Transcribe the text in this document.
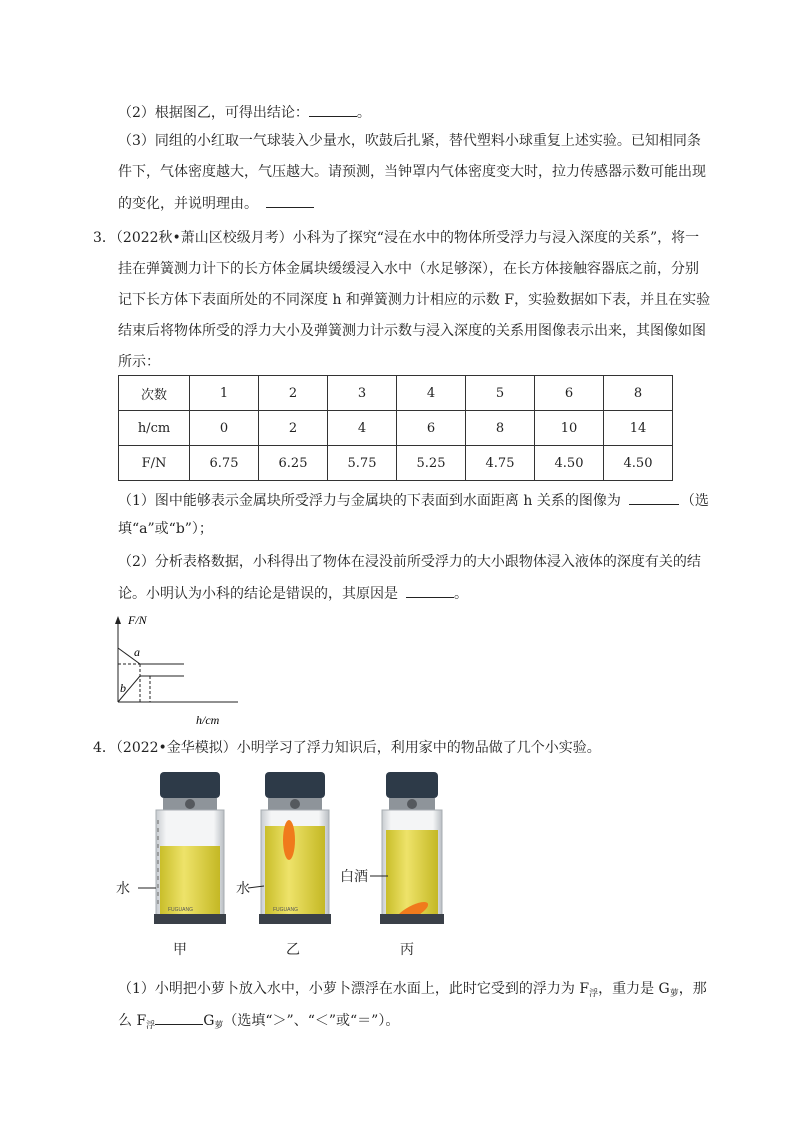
（2）根据图乙，可得出结论：	。
（3）同组的小红取一气球装入少量水，吹鼓后扎紧，替代塑料小球重复上述实验。已知相同条
件下，气体密度越大，气压越大。请预测，当钟罩内气体密度变大时，拉力传感器示数可能出现
的变化，并说明理由。
3．（2022秋•萧山区校级月考）小科为了探究“浸在水中的物体所受浮力与浸入深度的关系”，将一
挂在弹簧测力计下的长方体金属块缓缓浸入水中（水足够深），在长方体接触容器底之前，分别
记下长方体下表面所处的不同深度 h 和弹簧测力计相应的示数 F，实验数据如下表，并且在实验
结束后将物体所受的浮力大小及弹簧测力计示数与浸入深度的关系用图像表示出来，其图像如图
所示：
次数	1	2	3	4	5	6	8
h/cm	0	2	4	6	8	10	14
F/N	6.75	6.25	5.75	5.25	4.75	4.50	4.50
（1）图中能够表示金属块所受浮力与金属块的下表面到水面距离 h 关系的图像为	（选
填“a”或“b”）；
（2）分析表格数据，小科得出了物体在浸没前所受浮力的大小跟物体浸入液体的深度有关的结
论。小明认为小科的结论是错误的，其原因是	。
F/N
a
b
h/cm
4．（2022•金华模拟）小明学习了浮力知识后，利用家中的物品做了几个小实验。
FUGUANG	FUGUANG
水	水
白酒
甲	乙	丙
（1）小明把小萝卜放入水中，小萝卜漂浮在水面上，此时它受到的浮力为 $F_浮$，重力是 $G_萝$，那
么 $F_浮$	$G_萝$（选填“＞”、“＜”或“＝”）。
